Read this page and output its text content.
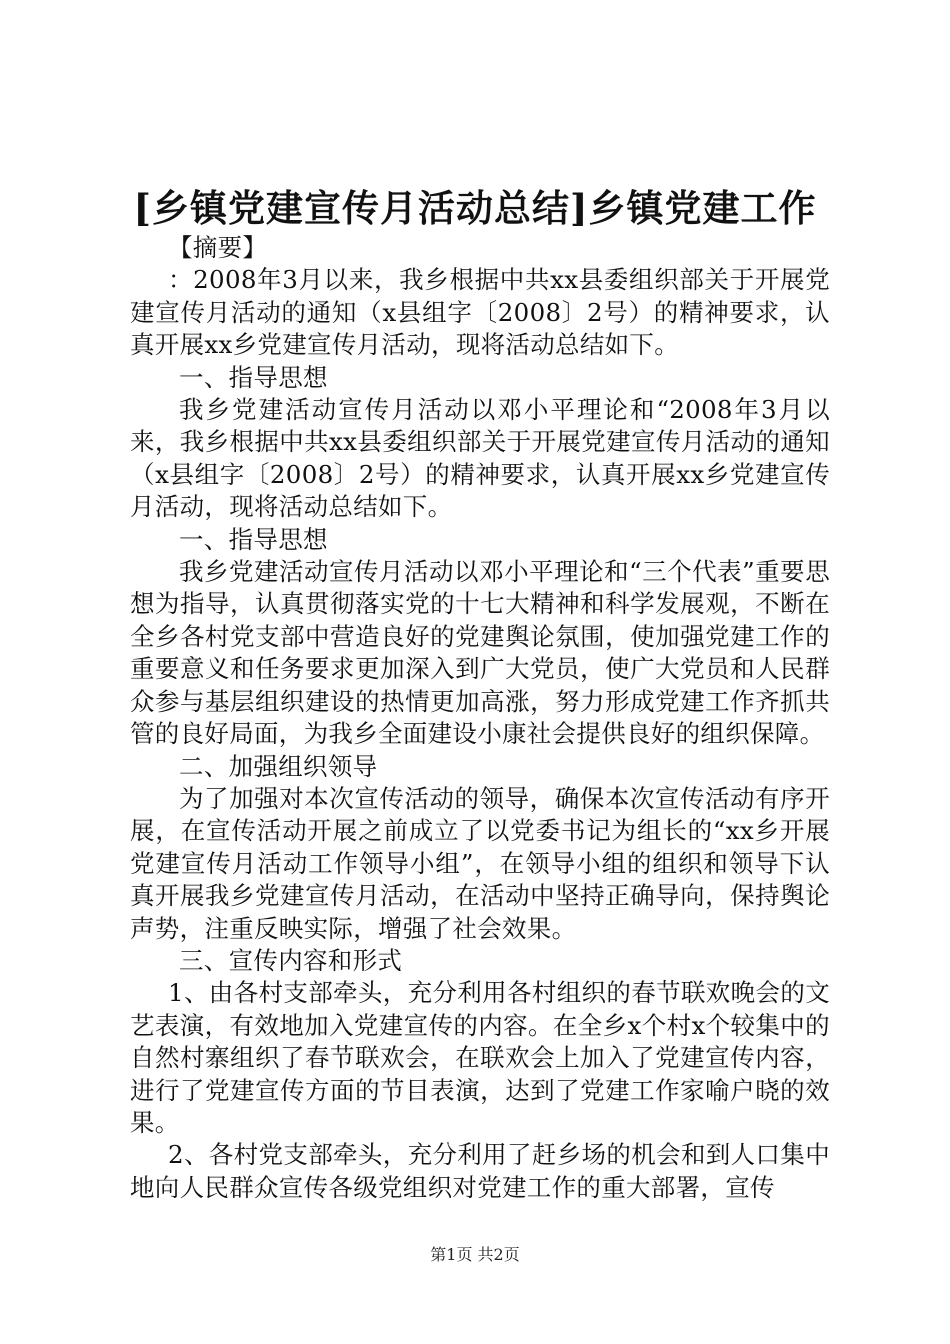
[乡镇党建宣传月活动总结]乡镇党建工作

【摘要】

：2008年3月以来，我乡根据中共xx县委组织部关于开展党建宣传月活动的通知（x县组字〔2008〕2号）的精神要求，认真开展xx乡党建宣传月活动，现将活动总结如下。

一、指导思想

我乡党建活动宣传月活动以邓小平理论和“2008年3月以来，我乡根据中共xx县委组织部关于开展党建宣传月活动的通知（x县组字〔2008〕2号）的精神要求，认真开展xx乡党建宣传月活动，现将活动总结如下。

一、指导思想

我乡党建活动宣传月活动以邓小平理论和“三个代表”重要思想为指导，认真贯彻落实党的十七大精神和科学发展观，不断在全乡各村党支部中营造良好的党建舆论氛围，使加强党建工作的重要意义和任务要求更加深入到广大党员，使广大党员和人民群众参与基层组织建设的热情更加高涨，努力形成党建工作齐抓共管的良好局面，为我乡全面建设小康社会提供良好的组织保障。

二、加强组织领导

为了加强对本次宣传活动的领导，确保本次宣传活动有序开展，在宣传活动开展之前成立了以党委书记为组长的“xx乡开展党建宣传月活动工作领导小组”，在领导小组的组织和领导下认真开展我乡党建宣传月活动，在活动中坚持正确导向，保持舆论声势，注重反映实际，增强了社会效果。

三、宣传内容和形式

1、由各村支部牵头，充分利用各村组织的春节联欢晚会的文艺表演，有效地加入党建宣传的内容。在全乡x个村x个较集中的自然村寨组织了春节联欢会，在联欢会上加入了党建宣传内容，进行了党建宣传方面的节目表演，达到了党建工作家喻户晓的效果。

2、各村党支部牵头，充分利用了赶乡场的机会和到人口集中地向人民群众宣传各级党组织对党建工作的重大部署，宣传

第1页 共2页
